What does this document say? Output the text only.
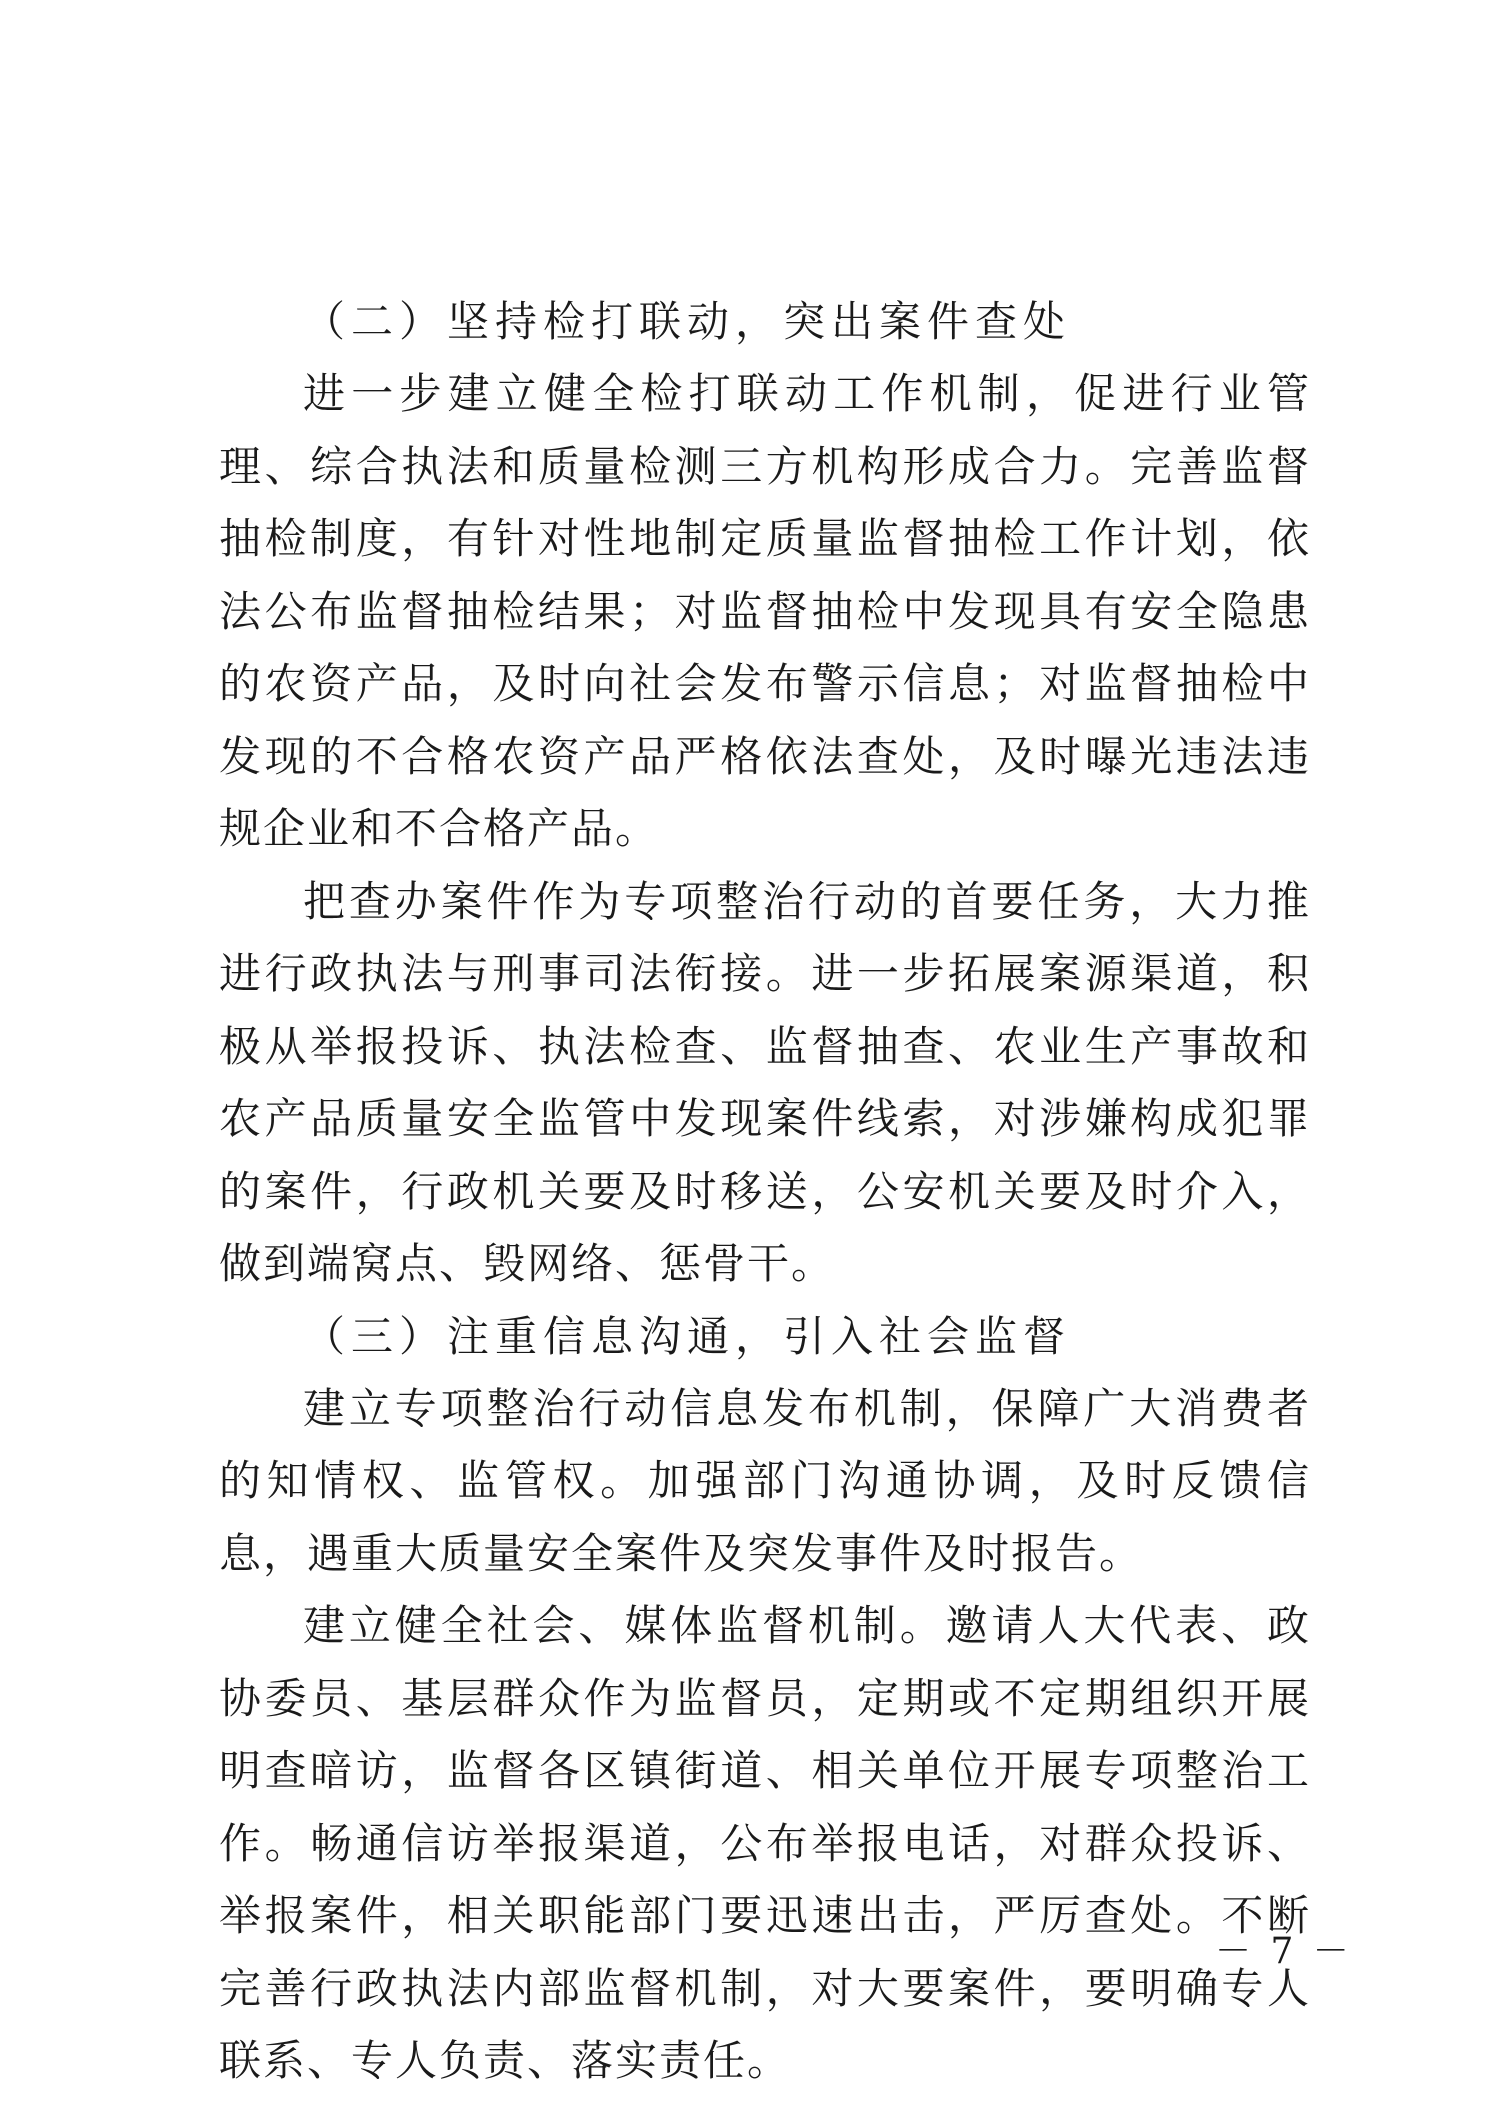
（二）坚持检打联动，突出案件查处

进一步建立健全检打联动工作机制，促进行业管理、综合执法和质量检测三方机构形成合力。完善监督抽检制度，有针对性地制定质量监督抽检工作计划，依法公布监督抽检结果；对监督抽检中发现具有安全隐患的农资产品，及时向社会发布警示信息；对监督抽检中发现的不合格农资产品严格依法查处，及时曝光违法违规企业和不合格产品。

把查办案件作为专项整治行动的首要任务，大力推进行政执法与刑事司法衔接。进一步拓展案源渠道，积极从举报投诉、执法检查、监督抽查、农业生产事故和农产品质量安全监管中发现案件线索，对涉嫌构成犯罪的案件，行政机关要及时移送，公安机关要及时介入，做到端窝点、毁网络、惩骨干。

（三）注重信息沟通，引入社会监督

建立专项整治行动信息发布机制，保障广大消费者的知情权、监管权。加强部门沟通协调，及时反馈信息，遇重大质量安全案件及突发事件及时报告。

建立健全社会、媒体监督机制。邀请人大代表、政协委员、基层群众作为监督员，定期或不定期组织开展明查暗访，监督各区镇街道、相关单位开展专项整治工作。畅通信访举报渠道，公布举报电话，对群众投诉、举报案件，相关职能部门要迅速出击，严厉查处。不断完善行政执法内部监督机制，对大要案件，要明确专人联系、专人负责、落实责任。

－ 7 －
